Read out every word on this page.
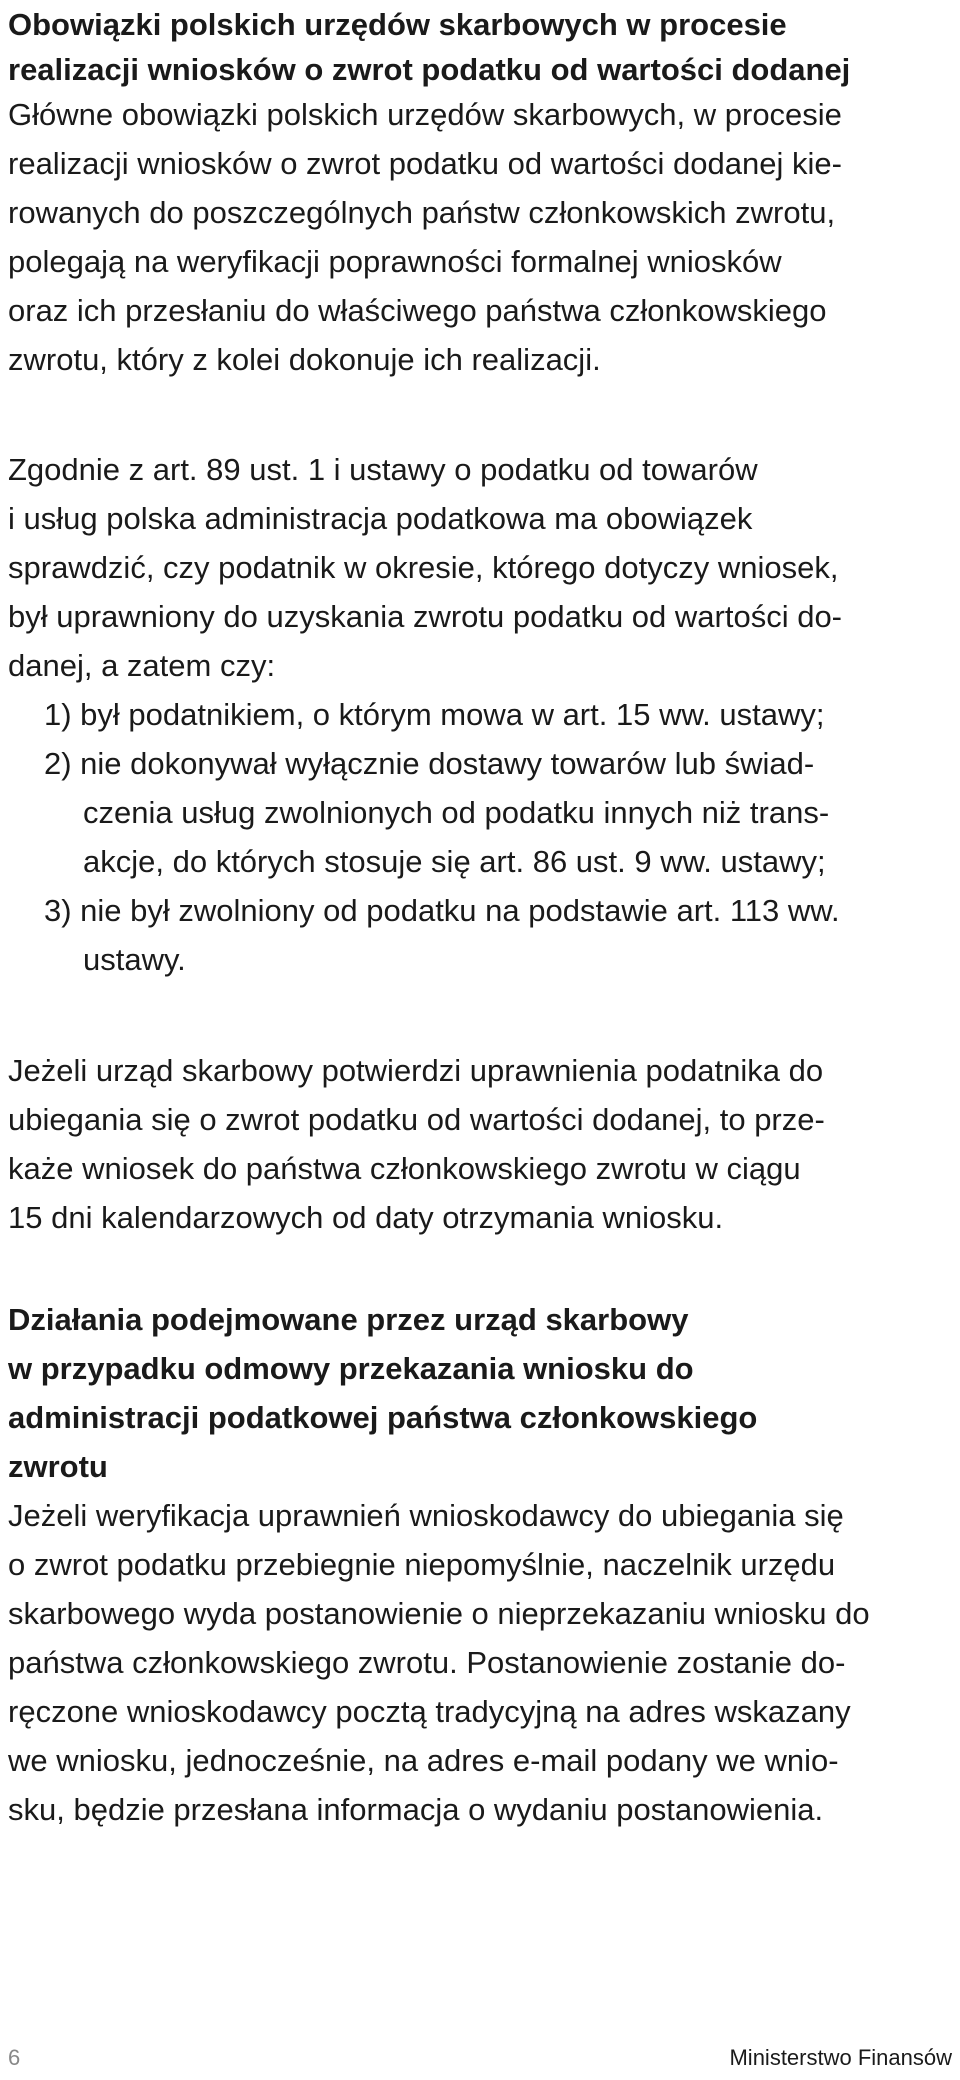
Obowiązki polskich urzędów skarbowych w procesie
realizacji wniosków o zwrot podatku od wartości dodanej
Główne obowiązki polskich urzędów skarbowych, w procesie
realizacji wniosków o zwrot podatku od wartości dodanej kie-
rowanych do poszczególnych państw członkowskich zwrotu,
polegają na weryfikacji poprawności formalnej wniosków
oraz ich przesłaniu do właściwego państwa członkowskiego
zwrotu, który z kolei dokonuje ich realizacji.
Zgodnie z art. 89 ust. 1 i ustawy o podatku od towarów
i usług polska administracja podatkowa ma obowiązek
sprawdzić, czy podatnik w okresie, którego dotyczy wniosek,
był uprawniony do uzyskania zwrotu podatku od wartości do-
danej, a zatem czy:
1) był podatnikiem, o którym mowa w art. 15 ww. ustawy;
2) nie dokonywał wyłącznie dostawy towarów lub świad-
czenia usług zwolnionych od podatku innych niż trans-
akcje, do których stosuje się art. 86 ust. 9 ww. ustawy;
3) nie był zwolniony od podatku na podstawie art. 113 ww.
ustawy.
Jeżeli urząd skarbowy potwierdzi uprawnienia podatnika do
ubiegania się o zwrot podatku od wartości dodanej, to prze-
każe wniosek do państwa członkowskiego zwrotu w ciągu
15 dni kalendarzowych od daty otrzymania wniosku.
Działania podejmowane przez urząd skarbowy
w przypadku odmowy przekazania wniosku do
administracji podatkowej państwa członkowskiego
zwrotu
Jeżeli weryfikacja uprawnień wnioskodawcy do ubiegania się
o zwrot podatku przebiegnie niepomyślnie, naczelnik urzędu
skarbowego wyda postanowienie o nieprzekazaniu wniosku do
państwa członkowskiego zwrotu. Postanowienie zostanie do-
ręczone wnioskodawcy pocztą tradycyjną na adres wskazany
we wniosku, jednocześnie, na adres e-mail podany we wnio-
sku, będzie przesłana informacja o wydaniu postanowienia.
6	Ministerstwo Finansów
